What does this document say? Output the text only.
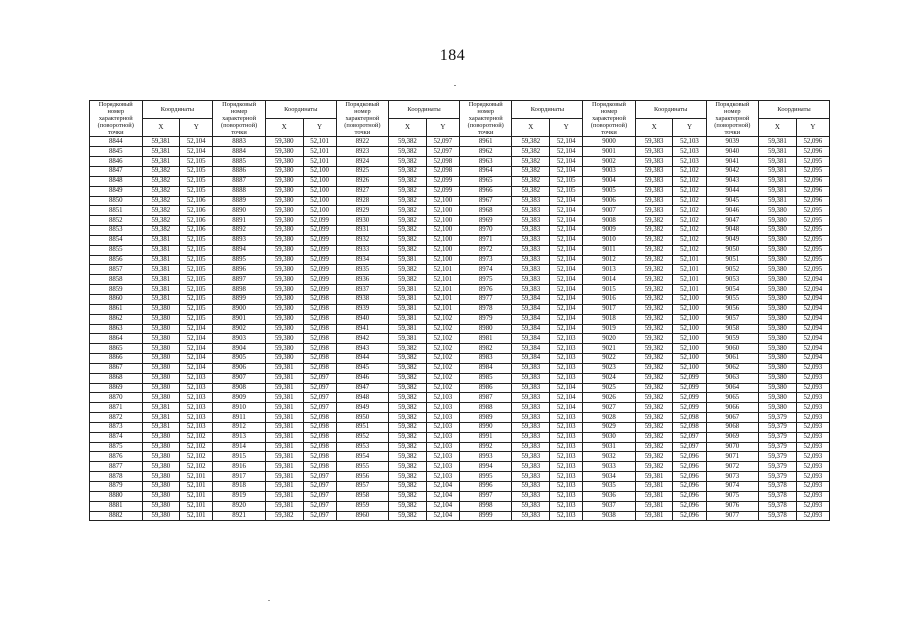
184
Порядковый номер характерной (поворотной) точки	Координаты		Порядковый номер характерной (поворотной) точки	Координаты		Порядковый номер характерной (поворотной) точки	Координаты		Порядковый номер характерной (поворотной) точки	Координаты		Порядковый номер характерной (поворотной) точки	Координаты		Порядковый номер характерной (поворотной) точки	Координаты	
	X	Y		X	Y		X	Y		X	Y		X	Y		X	Y
8844	59,381	52,104	8883	59,380	52,101	8922	59,382	52,097	8961	59,382	52,104	9000	59,383	52,103	9039	59,381	52,096
8845	59,381	52,104	8884	59,380	52,101	8923	59,382	52,097	8962	59,382	52,104	9001	59,383	52,103	9040	59,381	52,096
8846	59,381	52,105	8885	59,380	52,101	8924	59,382	52,098	8963	59,382	52,104	9002	59,383	52,103	9041	59,381	52,095
8847	59,382	52,105	8886	59,380	52,100	8925	59,382	52,098	8964	59,382	52,104	9003	59,383	52,102	9042	59,381	52,095
8848	59,382	52,105	8887	59,380	52,100	8926	59,382	52,099	8965	59,382	52,105	9004	59,383	52,102	9043	59,381	52,096
8849	59,382	52,105	8888	59,380	52,100	8927	59,382	52,099	8966	59,382	52,105	9005	59,383	52,102	9044	59,381	52,096
8850	59,382	52,106	8889	59,380	52,100	8928	59,382	52,100	8967	59,383	52,104	9006	59,383	52,102	9045	59,381	52,096
8851	59,382	52,106	8890	59,380	52,100	8929	59,382	52,100	8968	59,383	52,104	9007	59,383	52,102	9046	59,380	52,095
8852	59,382	52,106	8891	59,380	52,099	8930	59,382	52,100	8969	59,383	52,104	9008	59,382	52,102	9047	59,380	52,095
8853	59,382	52,106	8892	59,380	52,099	8931	59,382	52,100	8970	59,383	52,104	9009	59,382	52,102	9048	59,380	52,095
8854	59,381	52,105	8893	59,380	52,099	8932	59,382	52,100	8971	59,383	52,104	9010	59,382	52,102	9049	59,380	52,095
8855	59,381	52,105	8894	59,380	52,099	8933	59,382	52,100	8972	59,383	52,104	9011	59,382	52,102	9050	59,380	52,095
8856	59,381	52,105	8895	59,380	52,099	8934	59,381	52,100	8973	59,383	52,104	9012	59,382	52,101	9051	59,380	52,095
8857	59,381	52,105	8896	59,380	52,099	8935	59,382	52,101	8974	59,383	52,104	9013	59,382	52,101	9052	59,380	52,095
8858	59,381	52,105	8897	59,380	52,099	8936	59,382	52,101	8975	59,383	52,104	9014	59,382	52,101	9053	59,380	52,094
8859	59,381	52,105	8898	59,380	52,099	8937	59,381	52,101	8976	59,383	52,104	9015	59,382	52,101	9054	59,380	52,094
8860	59,381	52,105	8899	59,380	52,098	8938	59,381	52,101	8977	59,384	52,104	9016	59,382	52,100	9055	59,380	52,094
8861	59,380	52,105	8900	59,380	52,098	8939	59,381	52,101	8978	59,384	52,104	9017	59,382	52,100	9056	59,380	52,094
8862	59,380	52,105	8901	59,380	52,098	8940	59,381	52,102	8979	59,384	52,104	9018	59,382	52,100	9057	59,380	52,094
8863	59,380	52,104	8902	59,380	52,098	8941	59,381	52,102	8980	59,384	52,104	9019	59,382	52,100	9058	59,380	52,094
8864	59,380	52,104	8903	59,380	52,098	8942	59,381	52,102	8981	59,384	52,103	9020	59,382	52,100	9059	59,380	52,094
8865	59,380	52,104	8904	59,380	52,098	8943	59,382	52,102	8982	59,384	52,103	9021	59,382	52,100	9060	59,380	52,094
8866	59,380	52,104	8905	59,380	52,098	8944	59,382	52,102	8983	59,384	52,103	9022	59,382	52,100	9061	59,380	52,094
8867	59,380	52,104	8906	59,381	52,098	8945	59,382	52,102	8984	59,383	52,103	9023	59,382	52,100	9062	59,380	52,093
8868	59,380	52,103	8907	59,381	52,097	8946	59,382	52,102	8985	59,383	52,103	9024	59,382	52,099	9063	59,380	52,093
8869	59,380	52,103	8908	59,381	52,097	8947	59,382	52,102	8986	59,383	52,104	9025	59,382	52,099	9064	59,380	52,093
8870	59,380	52,103	8909	59,381	52,097	8948	59,382	52,103	8987	59,383	52,104	9026	59,382	52,099	9065	59,380	52,093
8871	59,381	52,103	8910	59,381	52,097	8949	59,382	52,103	8988	59,383	52,104	9027	59,382	52,099	9066	59,380	52,093
8872	59,381	52,103	8911	59,381	52,098	8950	59,382	52,103	8989	59,383	52,103	9028	59,382	52,098	9067	59,379	52,093
8873	59,381	52,103	8912	59,381	52,098	8951	59,382	52,103	8990	59,383	52,103	9029	59,382	52,098	9068	59,379	52,093
8874	59,380	52,102	8913	59,381	52,098	8952	59,382	52,103	8991	59,383	52,103	9030	59,382	52,097	9069	59,379	52,093
8875	59,380	52,102	8914	59,381	52,098	8953	59,382	52,103	8992	59,383	52,103	9031	59,382	52,097	9070	59,379	52,093
8876	59,380	52,102	8915	59,381	52,098	8954	59,382	52,103	8993	59,383	52,103	9032	59,382	52,096	9071	59,379	52,093
8877	59,380	52,102	8916	59,381	52,098	8955	59,382	52,103	8994	59,383	52,103	9033	59,382	52,096	9072	59,379	52,093
8878	59,380	52,101	8917	59,381	52,097	8956	59,382	52,103	8995	59,383	52,103	9034	59,381	52,096	9073	59,379	52,093
8879	59,380	52,101	8918	59,381	52,097	8957	59,382	52,104	8996	59,383	52,103	9035	59,381	52,096	9074	59,378	52,093
8880	59,380	52,101	8919	59,381	52,097	8958	59,382	52,104	8997	59,383	52,103	9036	59,381	52,096	9075	59,378	52,093
8881	59,380	52,101	8920	59,381	52,097	8959	59,382	52,104	8998	59,383	52,103	9037	59,381	52,096	9076	59,378	52,093
8882	59,380	52,101	8921	59,382	52,097	8960	59,382	52,104	8999	59,383	52,103	9038	59,381	52,096	9077	59,378	52,093
